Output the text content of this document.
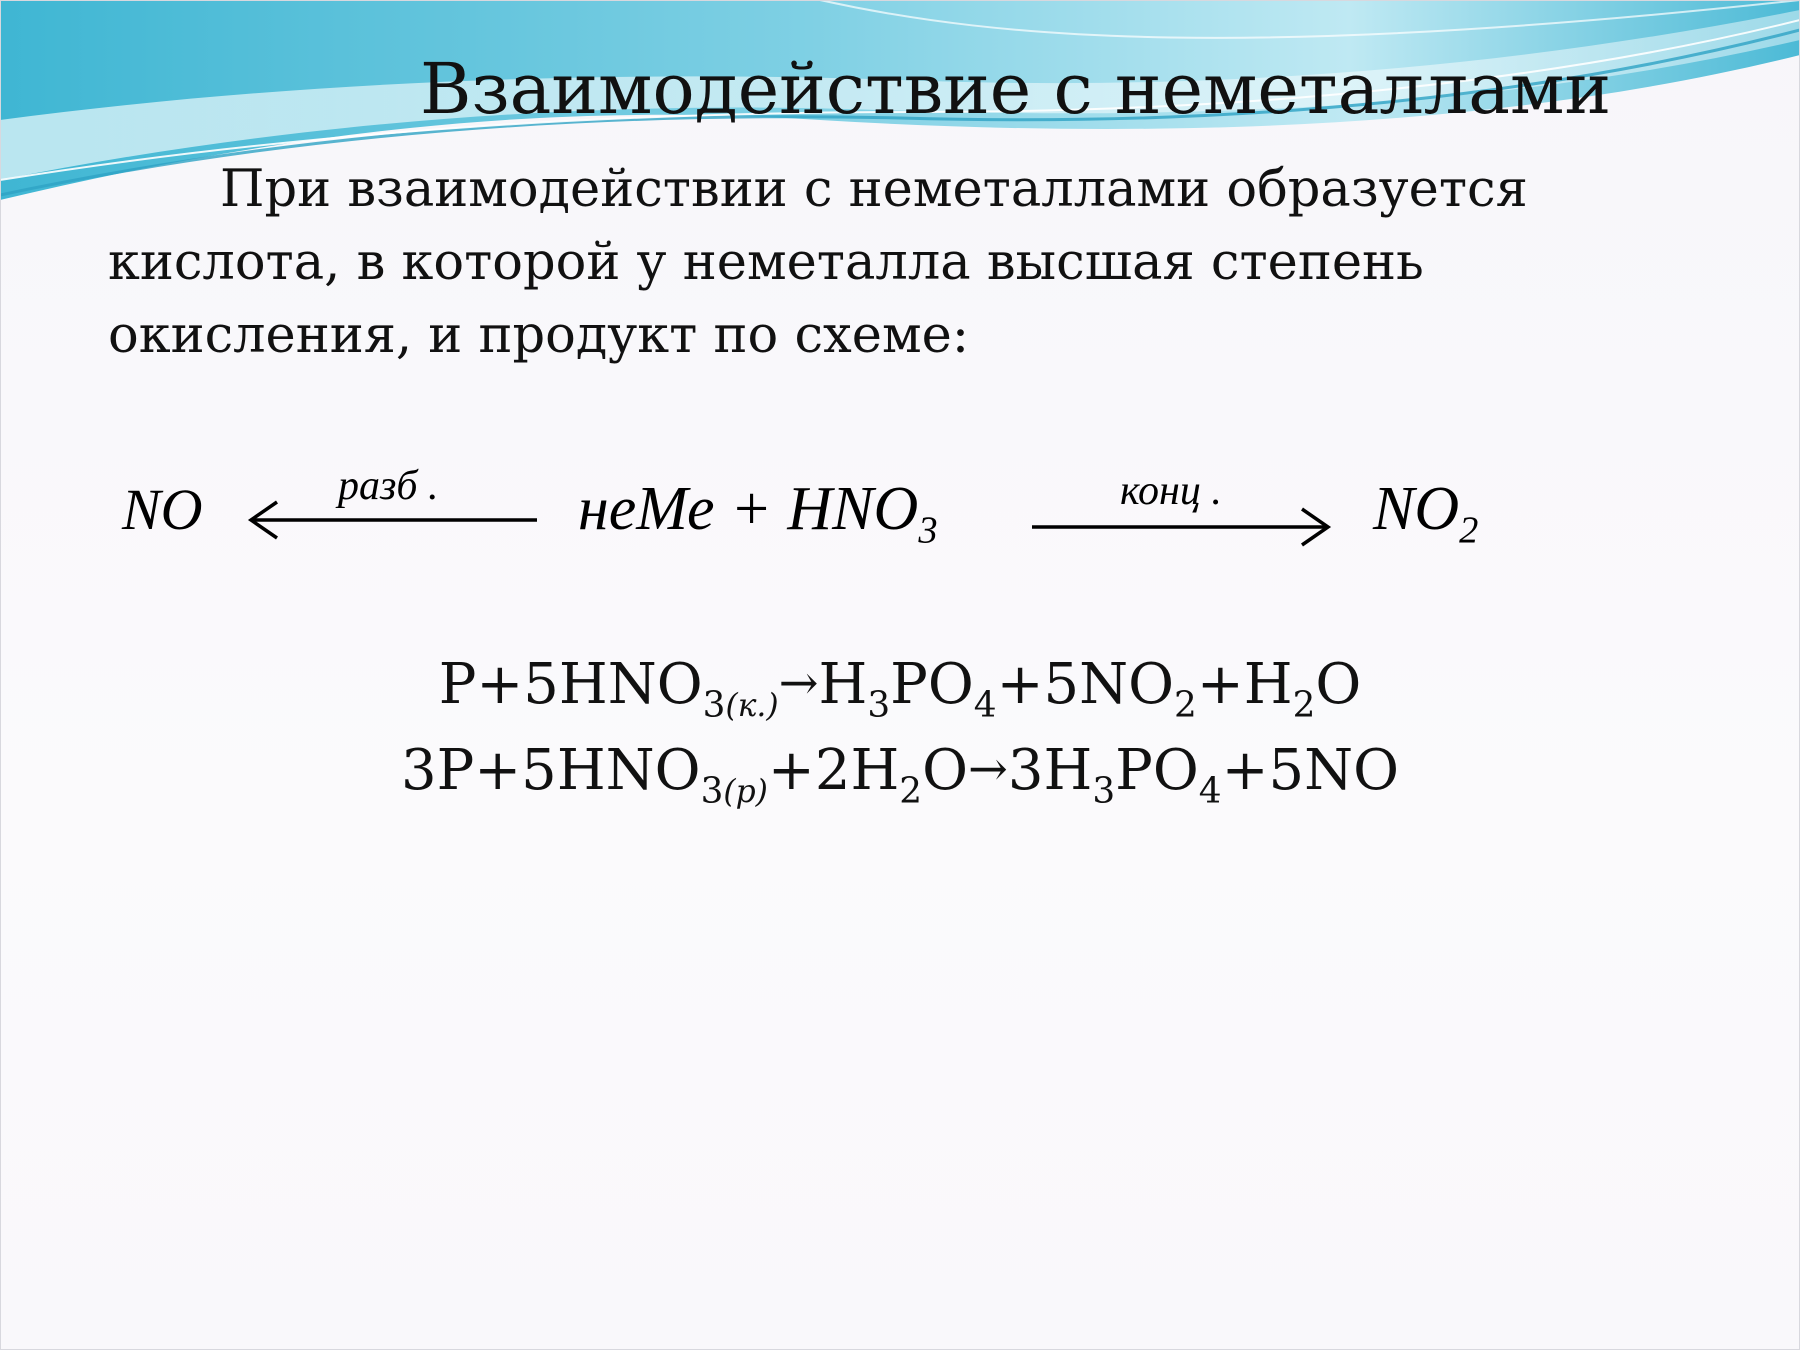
Взаимодействие с неметаллами
При взаимодействии с неметаллами образуется
кислота, в которой у неметалла высшая степень
окисления, и продукт по схеме:
NO	разб . неМе + $HNO_3$
конц . $NO_2$
$P+5HNO_{3(к.)}\to H_3PO_4+5NO_2+H_2O$
$3P+5HNO_{3(р)}+2H_2O\to 3H_3PO_4+5NO$
